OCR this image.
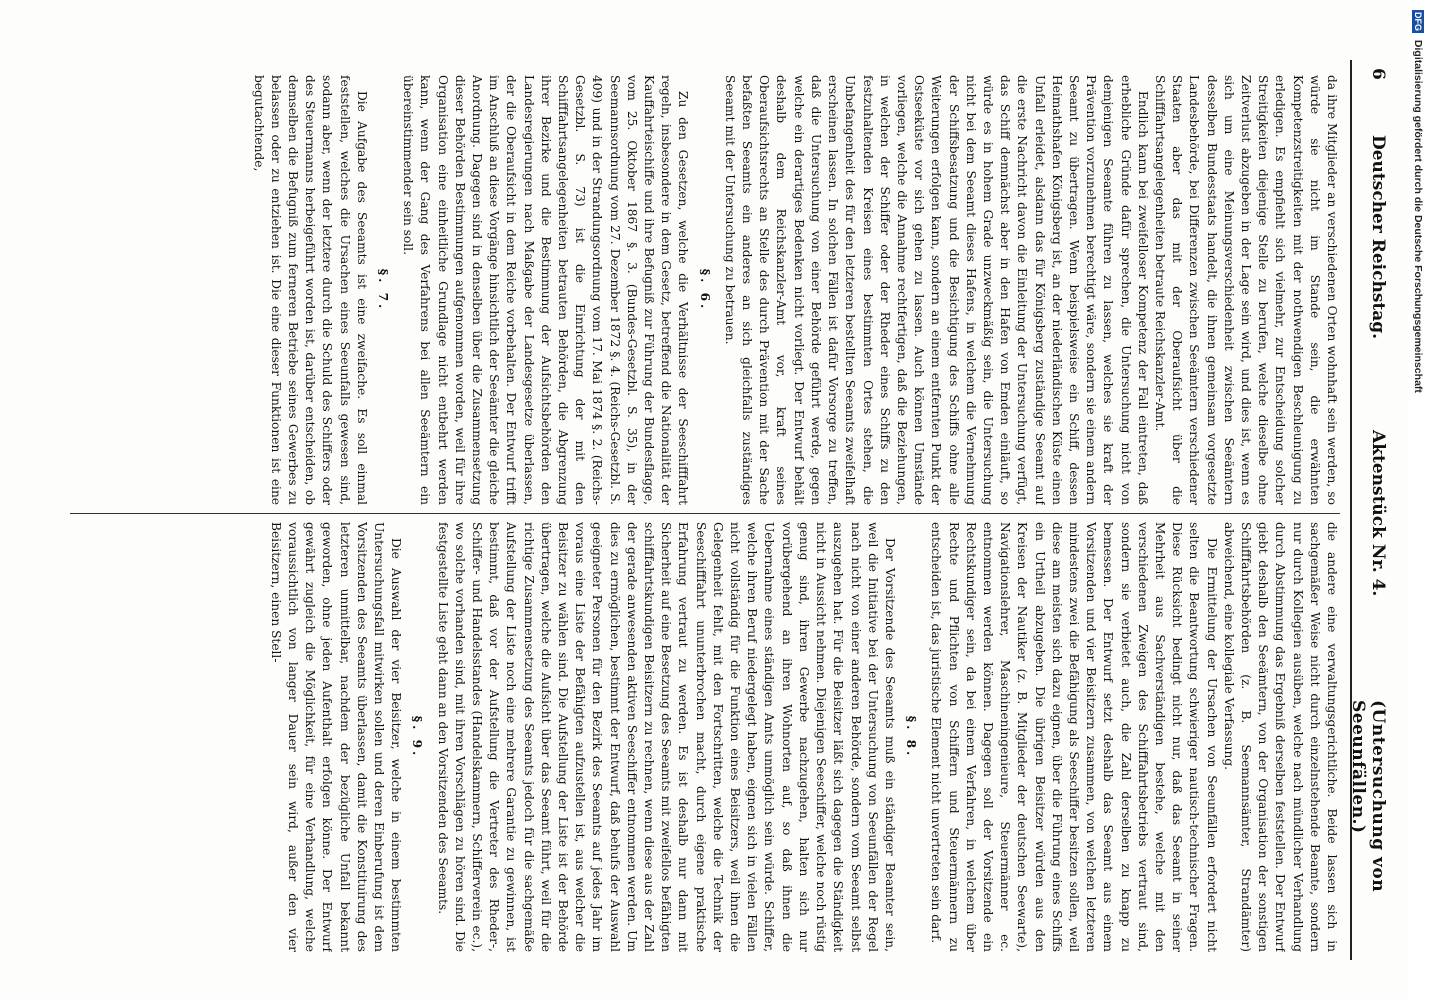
6
Deutscher Reichstag.
Aktenstück Nr. 4.
(Untersuchung von Seeunfällen.)

da ihre Mitglieder an verschiedenen Orten wohnhaft sein werden, so würde sie nicht im Stande sein, die erwähnten Kompetenzstreitigkeiten mit der nothwendigen Beschleunigung zu erledigen. Es empfiehlt sich vielmehr, zur Entscheidung solcher Streitigkeiten diejenige Stelle zu berufen, welche dieselbe ohne Zeitverlust abzugeben in der Lage sein wird, und dies ist, wenn es sich um eine Meinungsverschiedenheit zwischen Seeämtern desselben Bundesstaats handelt, die ihnen gemeinsam vorgesetzte Landesbehörde, bei Differenzen zwischen Seeämtern verschiedener Staaten aber das mit der Oberaufsicht über die Schifffahrtsangelegenheiten betraute Reichskanzler-Amt.

Endlich kann bei zweifelloser Kompetenz der Fall eintreten, daß erhebliche Gründe dafür sprechen, die Untersuchung nicht von demjenigen Seeamte führen zu lassen, welches sie kraft der Prävention vorzunehmen berechtigt wäre, sondern sie einem andern Seeamt zu übertragen. Wenn beispielsweise ein Schiff, dessen Heimathshafen Königsberg ist, an der niederländischen Küste einen Unfall erleidet, alsdann das für Königsberg zuständige Seeamt auf die erste Nachricht davon die Einleitung der Untersuchung verfügt, das Schiff demnächst aber in den Hafen von Emden einläuft, so würde es in hohem Grade unzweckmäßig sein, die Untersuchung nicht bei dem Seeamt dieses Hafens, in welchem die Vernehmung der Schiffsbesatzung und die Besichtigung des Schiffs ohne alle Weiterungen erfolgen kann, sondern an einem entfernten Punkt der Ostseeküste vor sich gehen zu lassen. Auch können Umstände vorliegen, welche die Annahme rechtfertigen, daß die Beziehungen, in welchen der Schiffer oder der Rheder eines Schiffs zu den festzuhaltenden Kreisen eines bestimmten Ortes stehen, die Unbefangenheit des für den letzteren bestellten Seeamts zweifelhaft erscheinen lassen. In solchen Fällen ist dafür Vorsorge zu treffen, daß die Untersuchung von einer Behörde geführt werde, gegen welche ein derartiges Bedenken nicht vorliegt. Der Entwurf behält deshalb dem Reichskanzler-Amt vor, kraft seines Oberaufsichtsrechts an Stelle des durch Prävention mit der Sache befaßten Seeamts ein anderes an sich gleichfalls zuständiges Seeamt mit der Untersuchung zu betrauen.

§. 6.

Zu den Gesetzen, welche die Verhältnisse der Seeschifffahrt regeln, insbesondere in dem Gesetz, betreffend die Nationalität der Kauffahrteischiffe und ihre Befugniß zur Führung der Bundesflagge, vom 25. Oktober 1867 §. 3. (Bundes-Gesetzbl. S. 35), in der Seemannsordnung vom 27. Dezember 1872 §. 4. (Reichs-Gesetzbl. S. 409) und in der Strandungsordnung vom 17. Mai 1874 §. 2. (Reichs-Gesetzbl. S. 73) ist die Einrichtung der mit den Schifffahrtsangelegenheiten betrauten Behörden, die Abgrenzung ihrer Bezirke und die Bestimmung der Aufsichtsbehörden den Landesregierungen nach Maßgabe der Landesgesetze überlassen, der die Oberaufsicht in dem Reiche vorbehalten. Der Entwurf trifft im Anschluß an diese Vorgänge hinsichtlich der Seeämter die gleiche Anordnung. Dagegen sind in denselben über die Zusammensetzung dieser Behörden Bestimmungen aufgenommen worden, weil für ihre Organisation eine einheitliche Grundlage nicht entbehrt werden kann, wenn der Gang des Verfahrens bei allen Seeämtern ein übereinstimmender sein soll.

§. 7.

Die Aufgabe des Seeamts ist eine zweifache. Es soll einmal feststellen, welches die Ursachen eines Seeunfalls gewesen sind, sodann aber, wenn der letztere durch die Schuld des Schiffers oder des Steuermanns herbeigeführt worden ist, darüber entscheiden, ob demselben die Befugniß zum ferneren Betriebe seines Gewerbes zu belassen oder zu entziehen ist. Die eine dieser Funktionen ist eine begutachtende,

die andere eine verwaltungsgerichtliche. Beide lassen sich in sachgemäßer Weise nicht durch einzelnstehende Beamte, sondern nur durch Kollegien ausüben, welche nach mündlicher Verhandlung durch Abstimmung das Ergebniß derselben feststellen. Der Entwurf giebt deshalb den Seeämtern, von der Organisation der sonstigen Schifffahrtsbehörden (z. B. Seemannsämter, Strandämter) abweichend, eine kollegiale Verfassung.

Die Ermittelung der Ursachen von Seeunfällen erfordert nicht selten die Beantwortung schwieriger nautisch-technischer Fragen. Diese Rücksicht bedingt nicht nur, daß das Seeamt in seiner Mehrheit aus Sachverständigen bestehe, welche mit den verschiedenen Zweigen des Schifffahrtsbetriebs vertraut sind, sondern sie verbietet auch, die Zahl derselben zu knapp zu bemessen. Der Entwurf setzt deshalb das Seeamt aus einem Vorsitzenden und vier Beisitzern zusammen, von welchen letzteren mindestens zwei die Befähigung als Seeschiffer besitzen sollen, weil diese am meisten sich dazu eignen, über die Führung eines Schiffs ein Urtheil abzugeben. Die übrigen Beisitzer würden aus den Kreisen der Nautiker (z. B. Mitglieder der deutschen Seewarte), Navigationslehrer, Maschineningenieure, Steuermänner ec. entnommen werden können. Dagegen soll der Vorsitzende ein Rechtskundiger sein, da bei einem Verfahren, in welchem über Rechte und Pflichten von Schiffern und Steuermännern zu entscheiden ist, das juristische Element nicht unvertreten sein darf.

§. 8.

Der Vorsitzende des Seeamts muß ein ständiger Beamter sein, weil die Initiative bei der Untersuchung von Seeunfällen der Regel nach nicht von einer anderen Behörde, sondern vom Seeamt selbst auszugehen hat. Für die Beisitzer läßt sich dagegen die Ständigkeit nicht in Aussicht nehmen. Diejenigen Seeschiffer, welche noch rüstig genug sind, ihren Gewerbe nachzugehen, halten sich nur vorübergehend an ihren Wohnorten auf, so daß ihnen die Uebernahme eines ständigen Amts unmöglich sein würde. Schiffer, welche ihren Beruf niedergelegt haben, eignen sich in vielen Fällen nicht vollständig für die Funktion eines Beisitzers, weil ihnen die Gelegenheit fehlt, mit den Fortschritten, welche die Technik der Seeschifffahrt ununterbrochen macht, durch eigene praktische Erfahrung vertraut zu werden. Es ist deshalb nur dann mit Sicherheit auf eine Besetzung des Seeamts mit zweifellos befähigten schifffahrtskundigen Beisitzern zu rechnen, wenn diese aus der Zahl der gerade anwesenden aktiven Seeschiffer entnommen werden. Um dies zu ermöglichen, bestimmt der Entwurf, daß behufs der Auswahl geeigneter Personen für den Bezirk des Seeamts auf jedes Jahr im voraus eine Liste der Befähigten aufzustellen ist, aus welcher die Beisitzer zu wählen sind. Die Aufstellung der Liste ist der Behörde übertragen, welche die Aufsicht über das Seeamt führt, weil für die richtige Zusammensetzung des Seeamts jedoch für die sachgemäße Aufstellung der Liste noch eine mehrere Garantie zu gewinnen, ist bestimmt, daß vor der Aufstellung die Vertreter des Rheder-, Schiffer- und Handelsstandes (Handelskammern, Schifferverein ec.), wo solche vorhanden sind, mit ihren Vorschlägen zu hören sind. Die festgestellte Liste geht dann an den Vorsitzenden des Seeamts.

§. 9.

Die Auswahl der vier Beisitzer, welche in einem bestimmten Untersuchungsfall mitwirken sollen und deren Einberufung ist dem Vorsitzenden des Seeamts überlassen, damit die Konstituirung des letzteren unmittelbar, nachdem der bezügliche Unfall bekannt geworden, ohne jeden Aufenthalt erfolgen könne. Der Entwurf gewährt zugleich die Möglichkeit, für eine Verhandlung, welche voraussichtlich von langer Dauer sein wird, außer den vier Beisitzern, einen Stell-

DFG Digitalisierung gefördert durch die Deutsche Forschungsgemeinschaft
